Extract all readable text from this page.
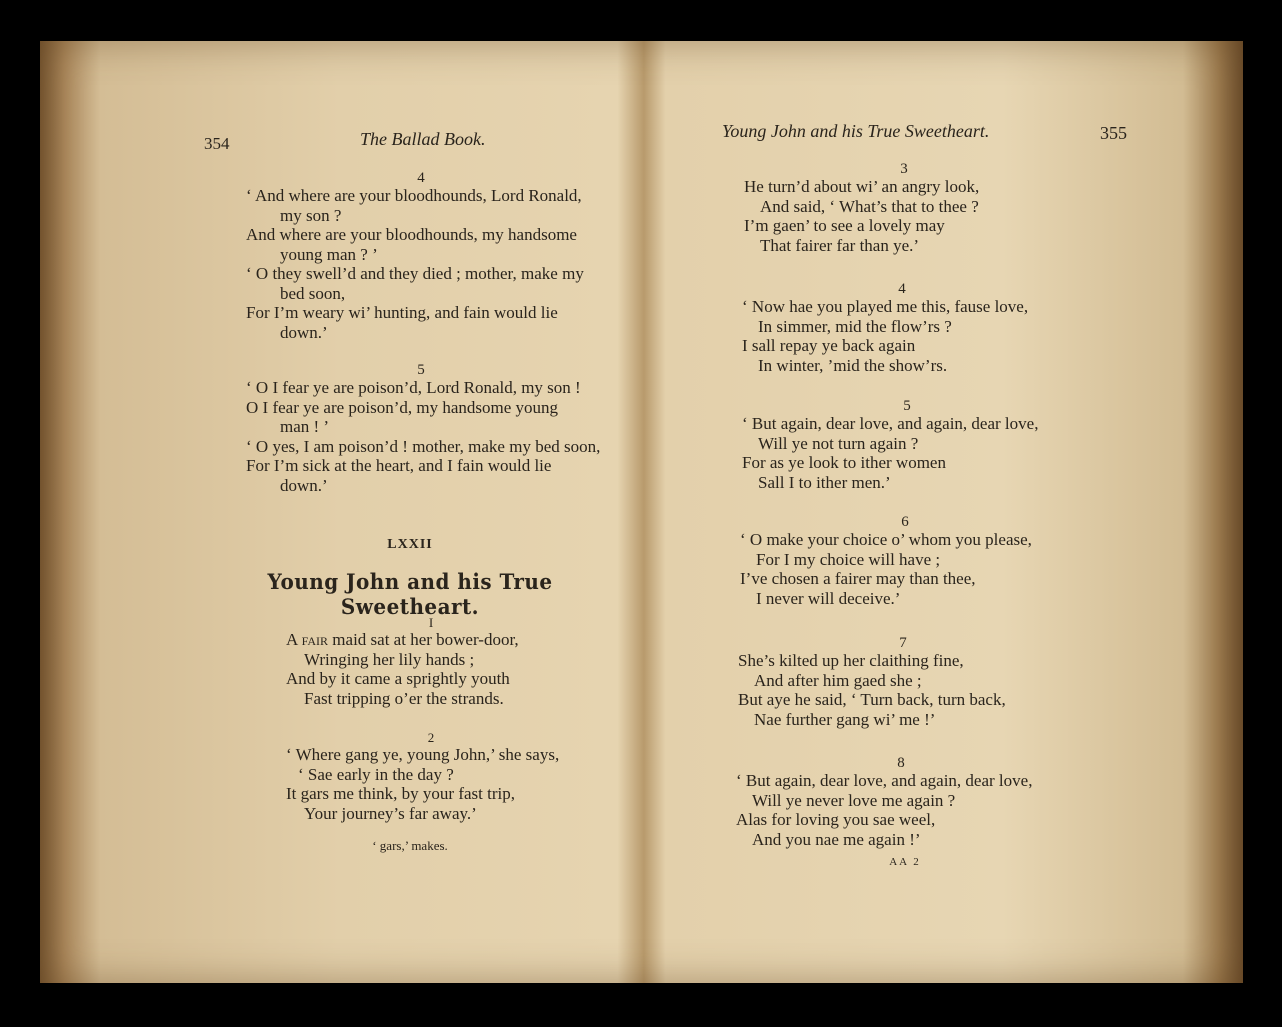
354	The Ballad Book.
4
‘ And where are your bloodhounds, Lord Ronald,
my son ?
And where are your bloodhounds, my handsome
young man ? ’
‘ O they swell’d and they died ; mother, make my
bed soon,
For I’m weary wi’ hunting, and fain would lie
down.’
5
‘ O I fear ye are poison’d, Lord Ronald, my son !
O I fear ye are poison’d, my handsome young
man ! ’
‘ O yes, I am poison’d ! mother, make my bed soon,
For I’m sick at the heart, and I fain would lie
down.’
LXXII
Young John and his True Sweetheart.
I
A fair maid sat at her bower-door,
Wringing her lily hands ;
And by it came a sprightly youth
Fast tripping o’er the strands.
2
‘ Where gang ye, young John,’ she says,
‘ Sae early in the day ?
It gars me think, by your fast trip,
Your journey’s far away.’
‘ gars,’ makes.
Young John and his True Sweetheart.	355
3
He turn’d about wi’ an angry look,
And said, ‘ What’s that to thee ?
I’m gaen’ to see a lovely may
That fairer far than ye.’
4
‘ Now hae you played me this, fause love,
In simmer, mid the flow’rs ?
I sall repay ye back again
In winter, ’mid the show’rs.
5
‘ But again, dear love, and again, dear love,
Will ye not turn again ?
For as ye look to ither women
Sall I to ither men.’
6
‘ O make your choice o’ whom you please,
For I my choice will have ;
I’ve chosen a fairer may than thee,
I never will deceive.’
7
She’s kilted up her claithing fine,
And after him gaed she ;
But aye he said, ‘ Turn back, turn back,
Nae further gang wi’ me !’
8
‘ But again, dear love, and again, dear love,
Will ye never love me again ?
Alas for loving you sae weel,
And you nae me again !’
AA 2
